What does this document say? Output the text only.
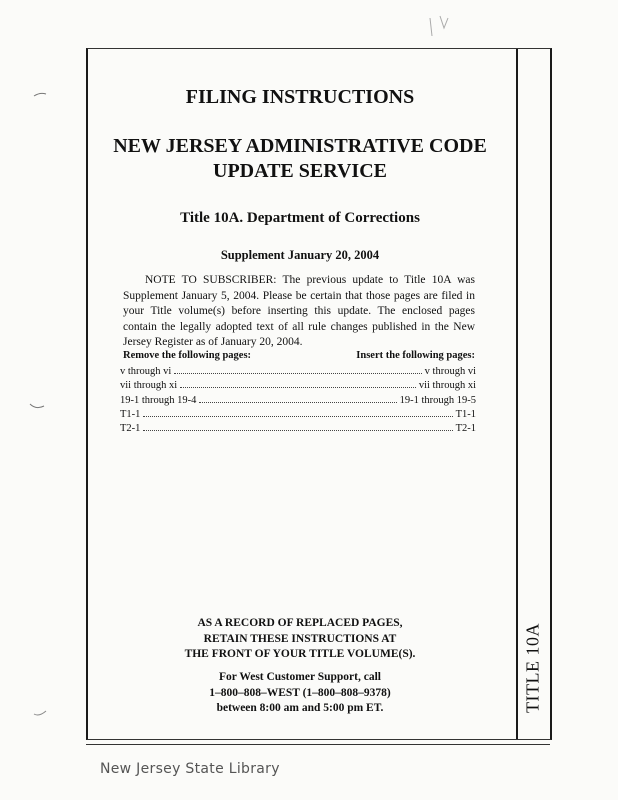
TITLE 10A
FILING INSTRUCTIONS
NEW JERSEY ADMINISTRATIVE CODE
UPDATE SERVICE
Title 10A. Department of Corrections
Supplement January 20, 2004
NOTE TO SUBSCRIBER: The previous update to Title 10A was Supplement January 5, 2004. Please be certain that those pages are filed in your Title volume(s) before inserting this update. The enclosed pages contain the legally adopted text of all rule changes published in the New Jersey Register as of January 20, 2004.
Remove the following pages:	Insert the following pages:
v through vi	v through vi
vii through xi	vii through xi
19-1 through 19-4	19-1 through 19-5
T1-1	T1-1
T2-1	T2-1
AS A RECORD OF REPLACED PAGES,
RETAIN THESE INSTRUCTIONS AT
THE FRONT OF YOUR TITLE VOLUME(S).
For West Customer Support, call
1–800–808–WEST (1–800–808–9378)
between 8:00 am and 5:00 pm ET.
New Jersey State Library
